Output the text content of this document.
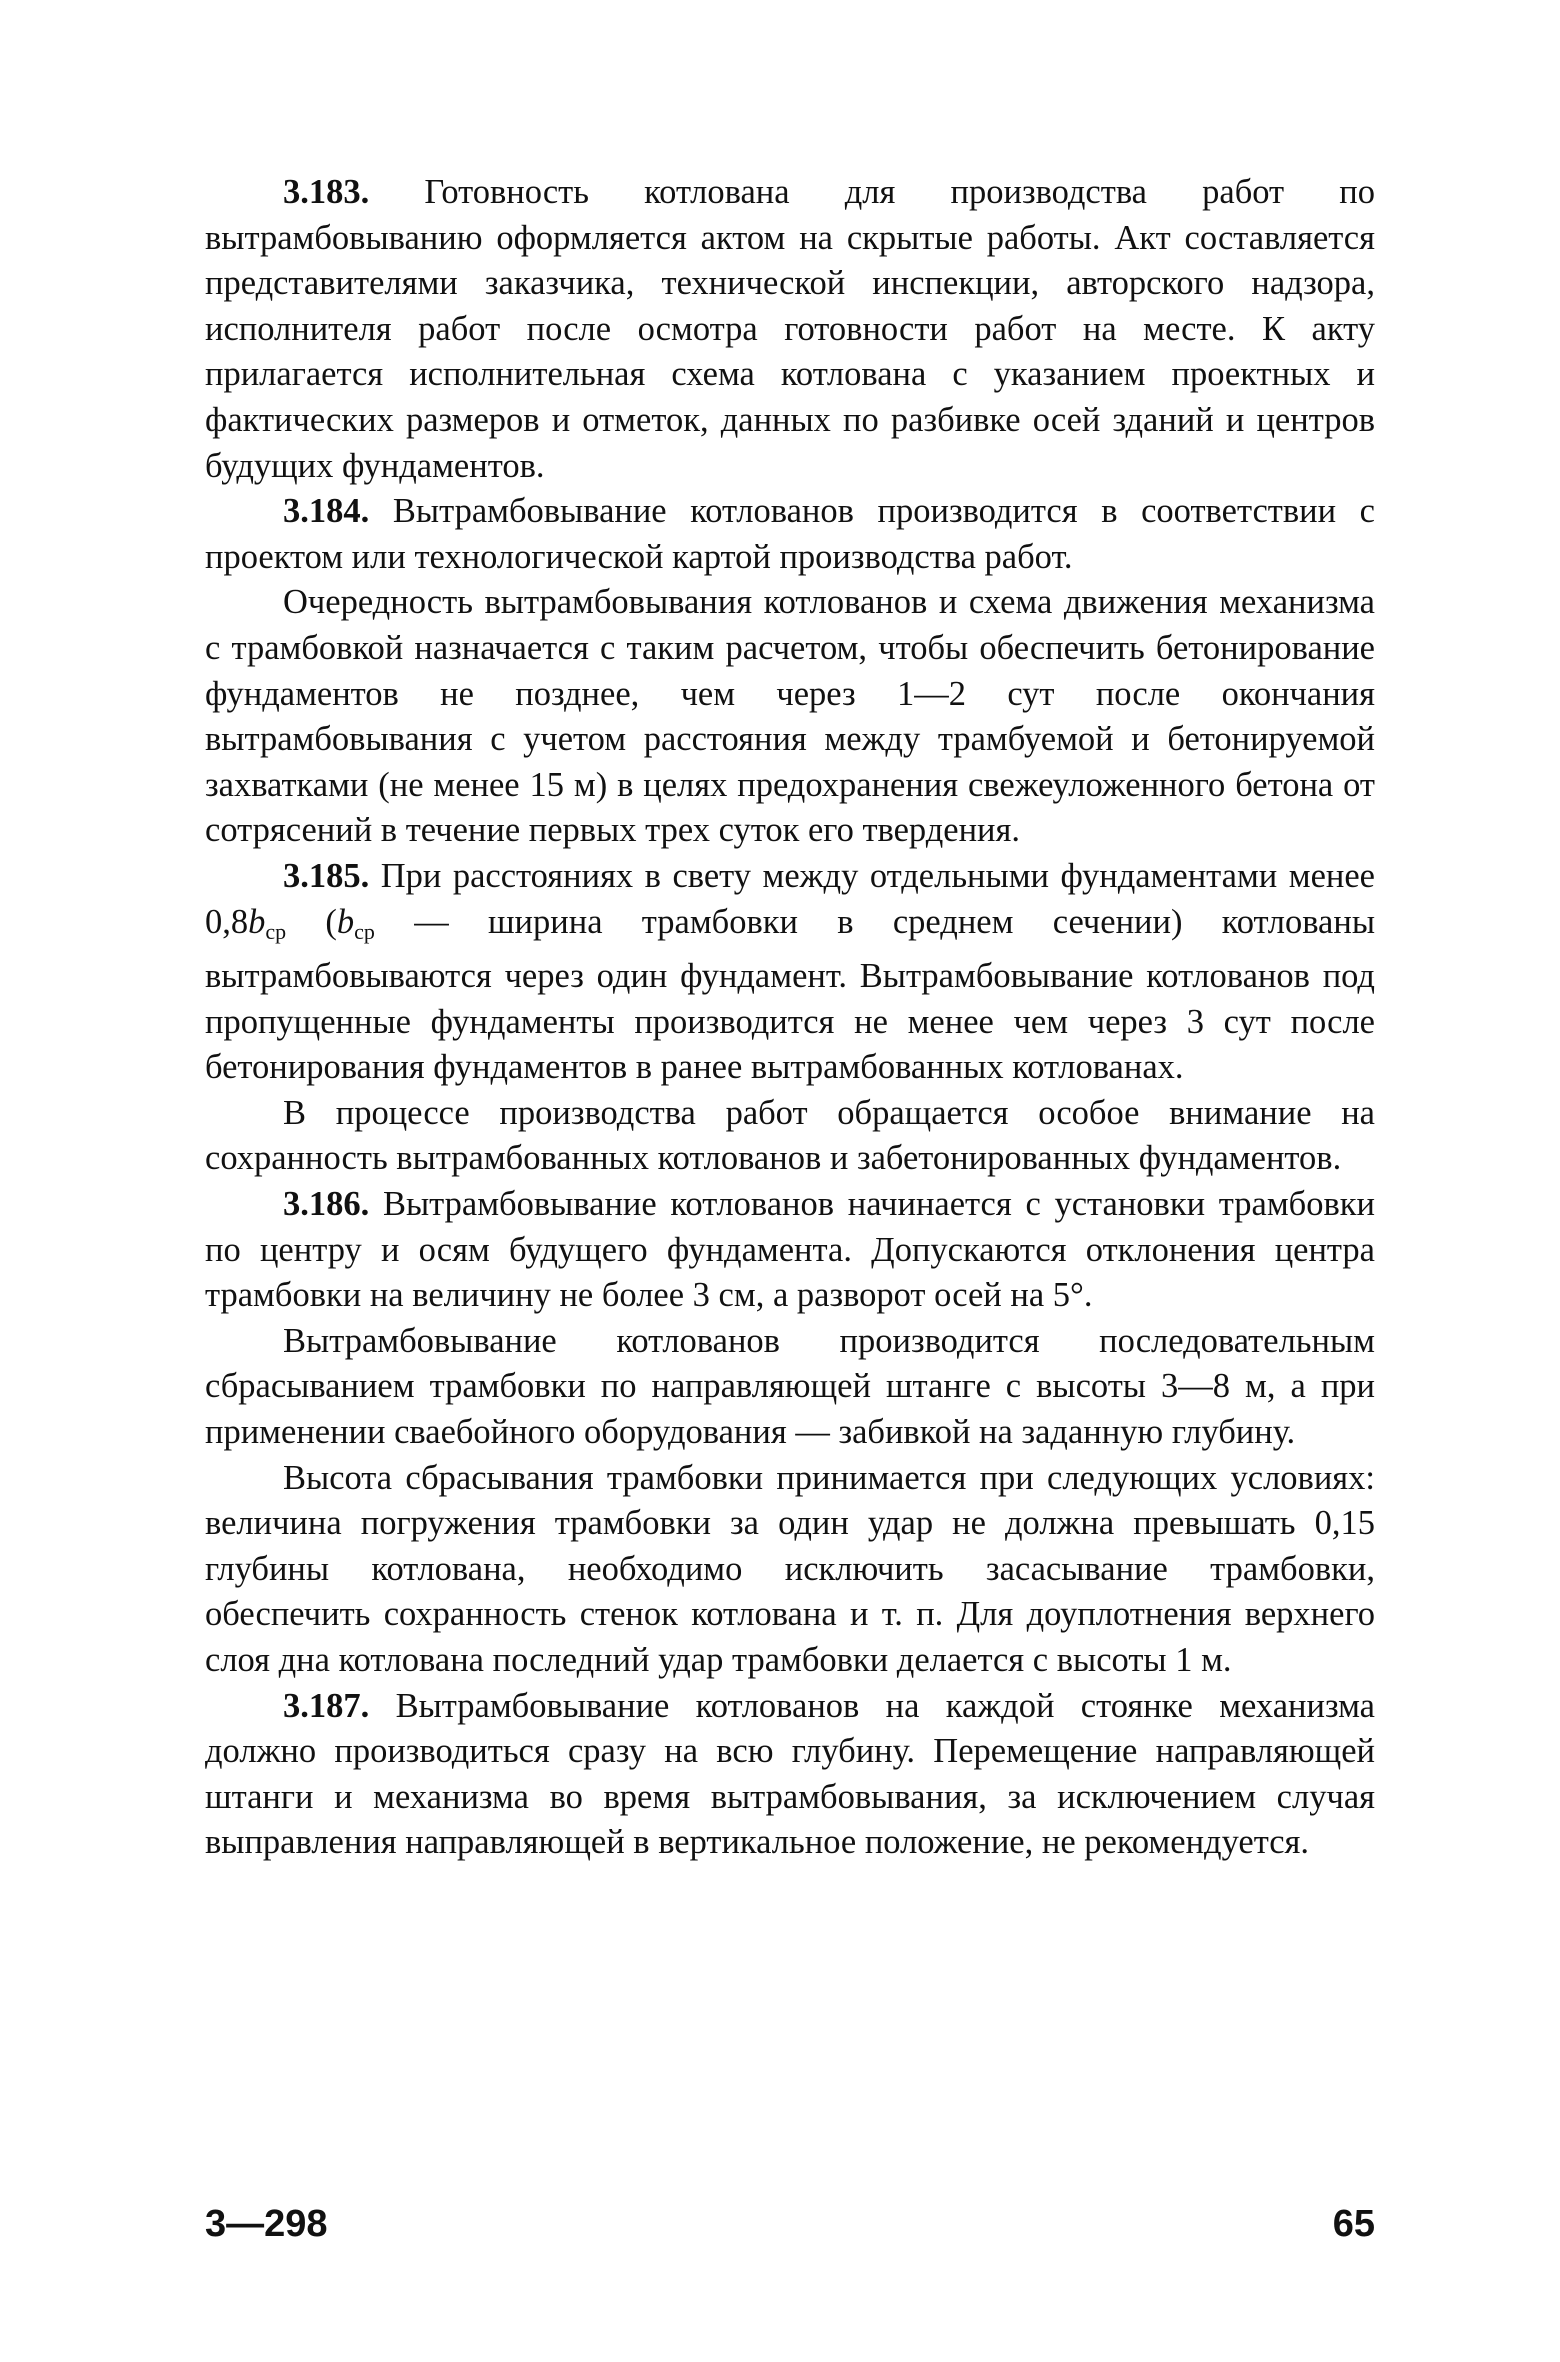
3.183. Готовность котлована для производства работ по вытрамбовыванию оформляется актом на скрытые работы. Акт составляется представителями заказчика, технической инспекции, авторского надзора, исполнителя работ после осмотра готовности работ на месте. К акту прилагается исполнительная схема котлована с указанием проектных и фактических размеров и отметок, данных по разбивке осей зданий и центров будущих фундаментов.

3.184. Вытрамбовывание котлованов производится в соответствии с проектом или технологической картой производства работ.

Очередность вытрамбовывания котлованов и схема движения механизма с трамбовкой назначается с таким расчетом, чтобы обеспечить бетонирование фундаментов не позднее, чем через 1—2 сут после окончания вытрамбовывания с учетом расстояния между трамбуемой и бетонируемой захватками (не менее 15 м) в целях предохранения свежеуложенного бетона от сотрясений в течение первых трех суток его твердения.

3.185. При расстояниях в свету между отдельными фундаментами менее 0,8bср (bср — ширина трамбовки в среднем сечении) котлованы вытрамбовываются через один фундамент. Вытрамбовывание котлованов под пропущенные фундаменты производится не менее чем через 3 сут после бетонирования фундаментов в ранее вытрамбованных котлованах.

В процессе производства работ обращается особое внимание на сохранность вытрамбованных котлованов и забетонированных фундаментов.

3.186. Вытрамбовывание котлованов начинается с установки трамбовки по центру и осям будущего фундамента. Допускаются отклонения центра трамбовки на величину не более 3 см, а разворот осей на 5°.

Вытрамбовывание котлованов производится последовательным сбрасыванием трамбовки по направляющей штанге с высоты 3—8 м, а при применении сваебойного оборудования — забивкой на заданную глубину.

Высота сбрасывания трамбовки принимается при следующих условиях: величина погружения трамбовки за один удар не должна превышать 0,15 глубины котлована, необходимо исключить засасывание трамбовки, обеспечить сохранность стенок котлована и т. п. Для доуплотнения верхнего слоя дна котлована последний удар трамбовки делается с высоты 1 м.

3.187. Вытрамбовывание котлованов на каждой стоянке механизма должно производиться сразу на всю глубину. Перемещение направляющей штанги и механизма во время вытрамбовывания, за исключением случая выправления направляющей в вертикальное положение, не рекомендуется.

3—298	65
